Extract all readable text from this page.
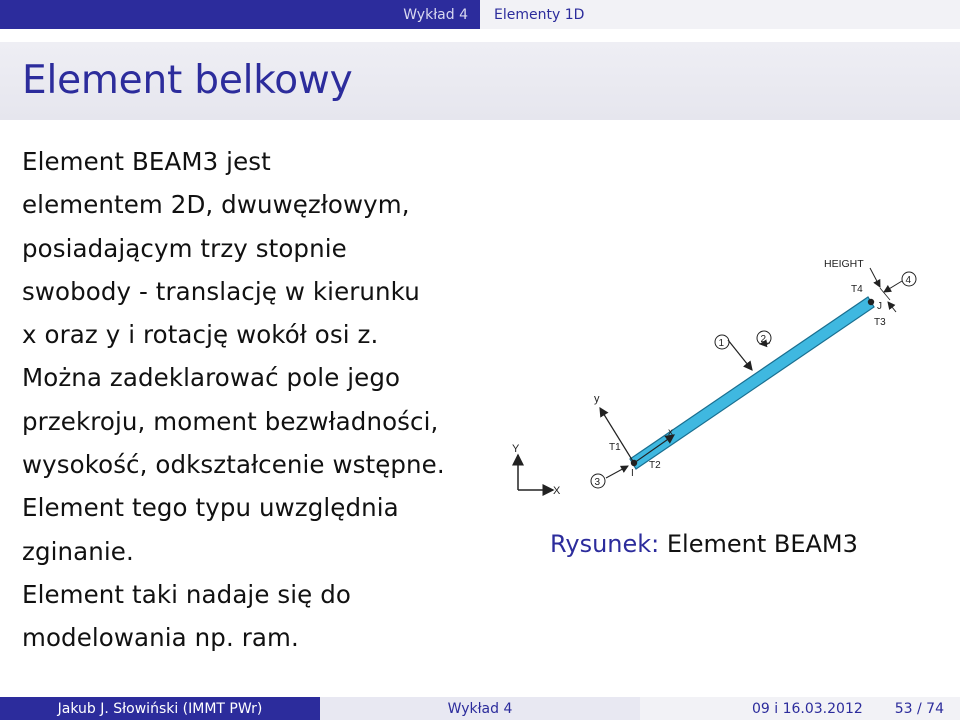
Wykład 4 Elementy 1D
Element belkowy
Element BEAM3 jest
elementem 2D, dwuwęzłowym,
posiadającym trzy stopnie
swobody - translację w kierunku
x oraz y i rotację wokół osi z.
Można zadeklarować pole jego
przekroju, moment bezwładności,
wysokość, odkształcenie wstępne.
Element tego typu uwzględnia
zginanie.
Element taki nadaje się do
modelowania np. ram.
Y
X
y
x
T1
T2
I
T4
J
T3
HEIGHT
1	2
3
4
Rysunek: Element BEAM3
Jakub J. Słowiński (IMMT PWr)	Wykład 4	09 i 16.03.2012 53 / 74
